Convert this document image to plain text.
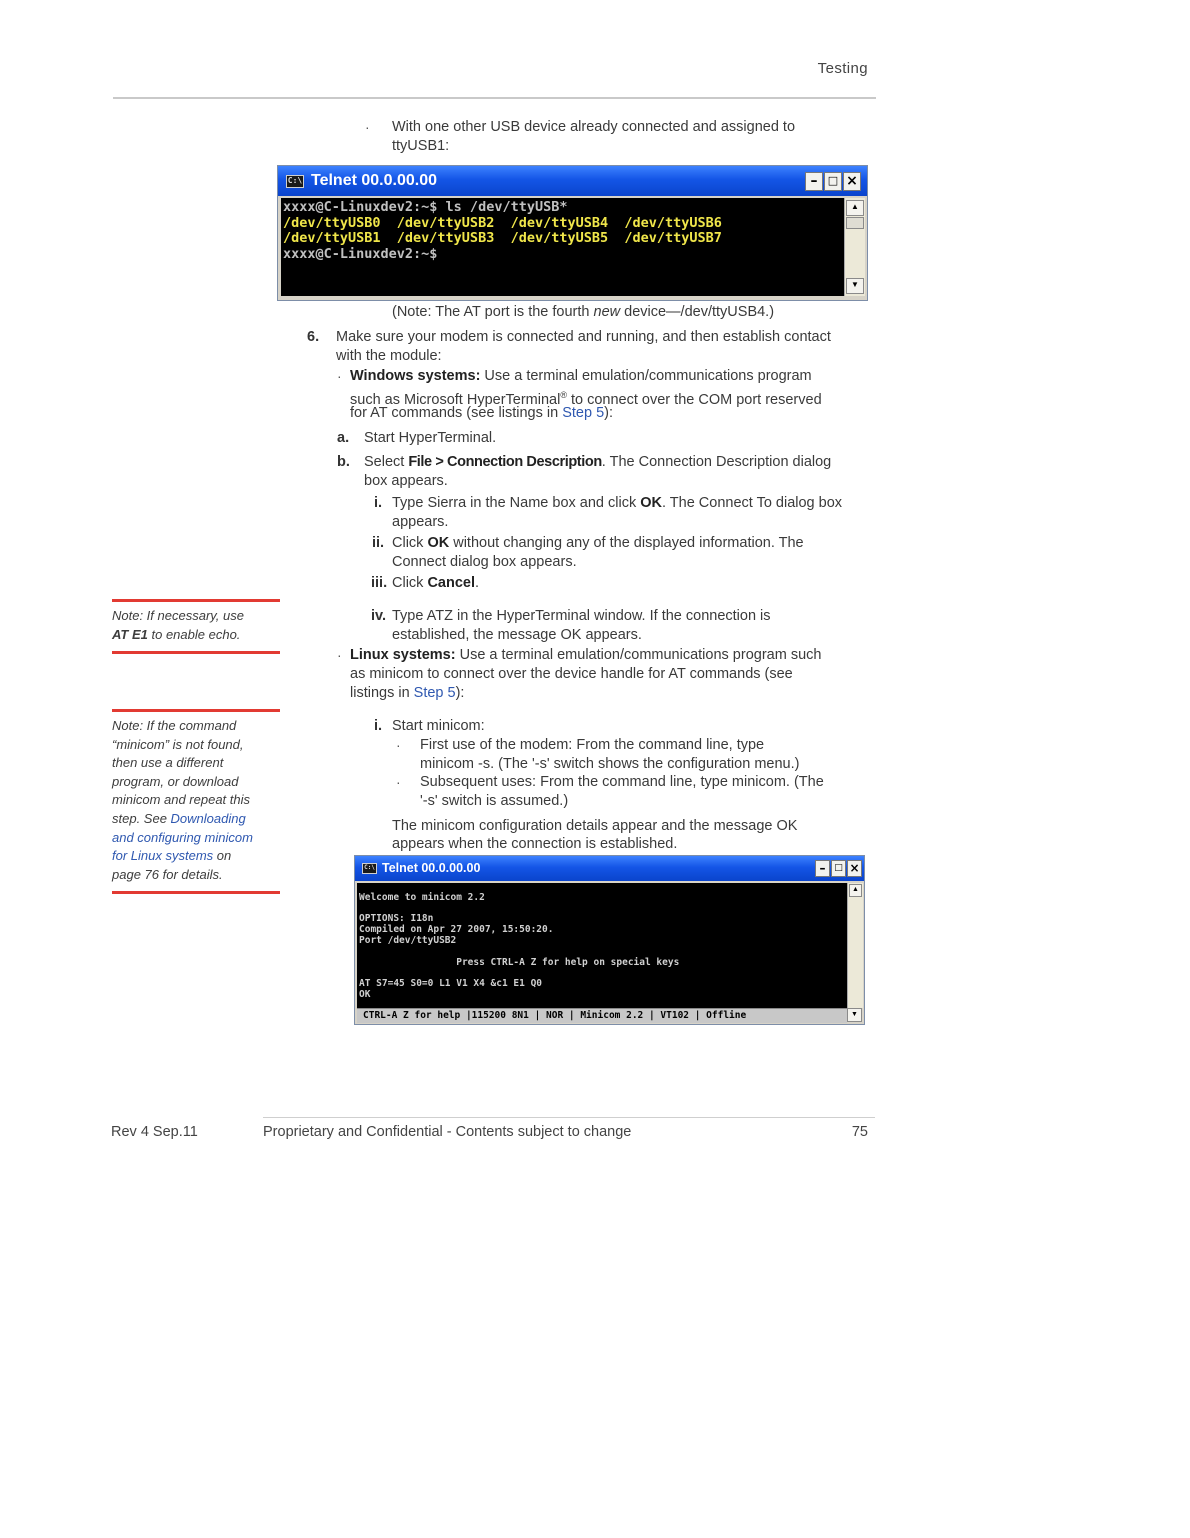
Testing
· With one other USB device already connected and assigned to
ttyUSB1:
C:\ Telnet 00.0.00.00	– □ ×
xxxx@C-Linuxdev2:~$ ls /dev/ttyUSB*
/dev/ttyUSB0  /dev/ttyUSB2  /dev/ttyUSB4  /dev/ttyUSB6
/dev/ttyUSB1  /dev/ttyUSB3  /dev/ttyUSB5  /dev/ttyUSB7
xxxx@C-Linuxdev2:~$
▲
▼
(Note: The AT port is the fourth new device—/dev/ttyUSB4.)
6. Make sure your modem is connected and running, and then establish contact
with the module:
· Windows systems: Use a terminal emulation/communications program
such as Microsoft HyperTerminal® to connect over the COM port reserved
for AT commands (see listings in Step 5):
a. Start HyperTerminal.
b. Select File > Connection Description. The Connection Description dialog
box appears.
i. Type Sierra in the Name box and click OK. The Connect To dialog box
appears.
ii. Click OK without changing any of the displayed information. The
Connect dialog box appears.
iii. Click Cancel.
iv. Type ATZ in the HyperTerminal window. If the connection is
established, the message OK appears.
· Linux systems: Use a terminal emulation/communications program such
as minicom to connect over the device handle for AT commands (see
listings in Step 5):
i. Start minicom:
· First use of the modem: From the command line, type
minicom -s. (The '-s' switch shows the configuration menu.)
· Subsequent uses: From the command line, type minicom. (The
'-s' switch is assumed.)
The minicom configuration details appear and the message OK
appears when the connection is established.
C:\ Telnet 00.0.00.00	– □ ×
Welcome to minicom 2.2
OPTIONS: I18n
Compiled on Apr 27 2007, 15:50:20.
Port /dev/ttyUSB2
Press CTRL-A Z for help on special keys
AT S7=45 S0=0 L1 V1 X4 &c1 E1 Q0
OK
▲
CTRL-A Z for help |115200 8N1 | NOR | Minicom 2.2 | VT102 | Offline	▼
Note: If necessary, use
AT E1 to enable echo.
Note: If the command
“minicom” is not found,
then use a different
program, or download
minicom and repeat this
step. See Downloading
and configuring minicom
for Linux systems on
page 76 for details.
Rev 4 Sep.11	Proprietary and Confidential - Contents subject to change	75
